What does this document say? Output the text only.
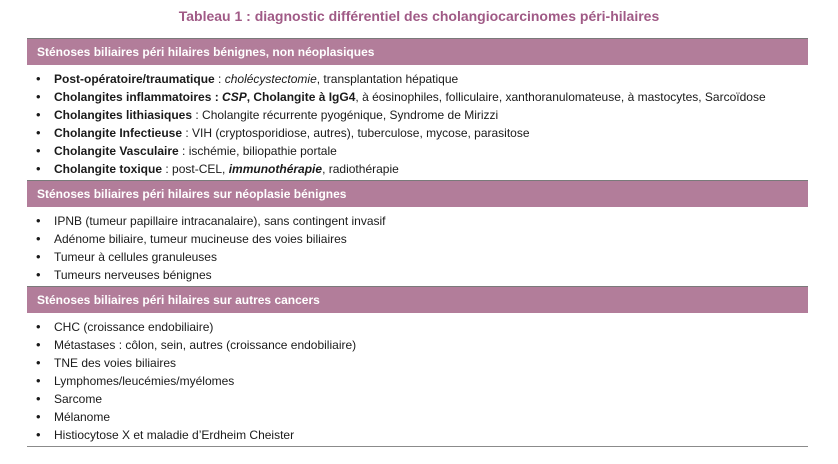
Tableau 1 : diagnostic différentiel des cholangiocarcinomes péri-hilaires
Sténoses biliaires péri hilaires bénignes, non néoplasiques
• Post-opératoire/traumatique : cholécystectomie, transplantation hépatique
• Cholangites inflammatoires : CSP, Cholangite à IgG4, à éosinophiles, folliculaire, xanthoranulomateuse, à mastocytes, Sarcoïdose
• Cholangites lithiasiques : Cholangite récurrente pyogénique, Syndrome de Mirizzi
• Cholangite Infectieuse : VIH (cryptosporidiose, autres), tuberculose, mycose, parasitose
• Cholangite Vasculaire : ischémie, biliopathie portale
• Cholangite toxique : post-CEL, immunothérapie, radiothérapie
Sténoses biliaires péri hilaires sur néoplasie bénignes
• IPNB (tumeur papillaire intracanalaire), sans contingent invasif
• Adénome biliaire, tumeur mucineuse des voies biliaires
• Tumeur à cellules granuleuses
• Tumeurs nerveuses bénignes
Sténoses biliaires péri hilaires sur autres cancers
• CHC (croissance endobiliaire)
• Métastases : côlon, sein, autres (croissance endobiliaire)
• TNE des voies biliaires
• Lymphomes/leucémies/myélomes
• Sarcome
• Mélanome
• Histiocytose X et maladie d’Erdheim Cheister
